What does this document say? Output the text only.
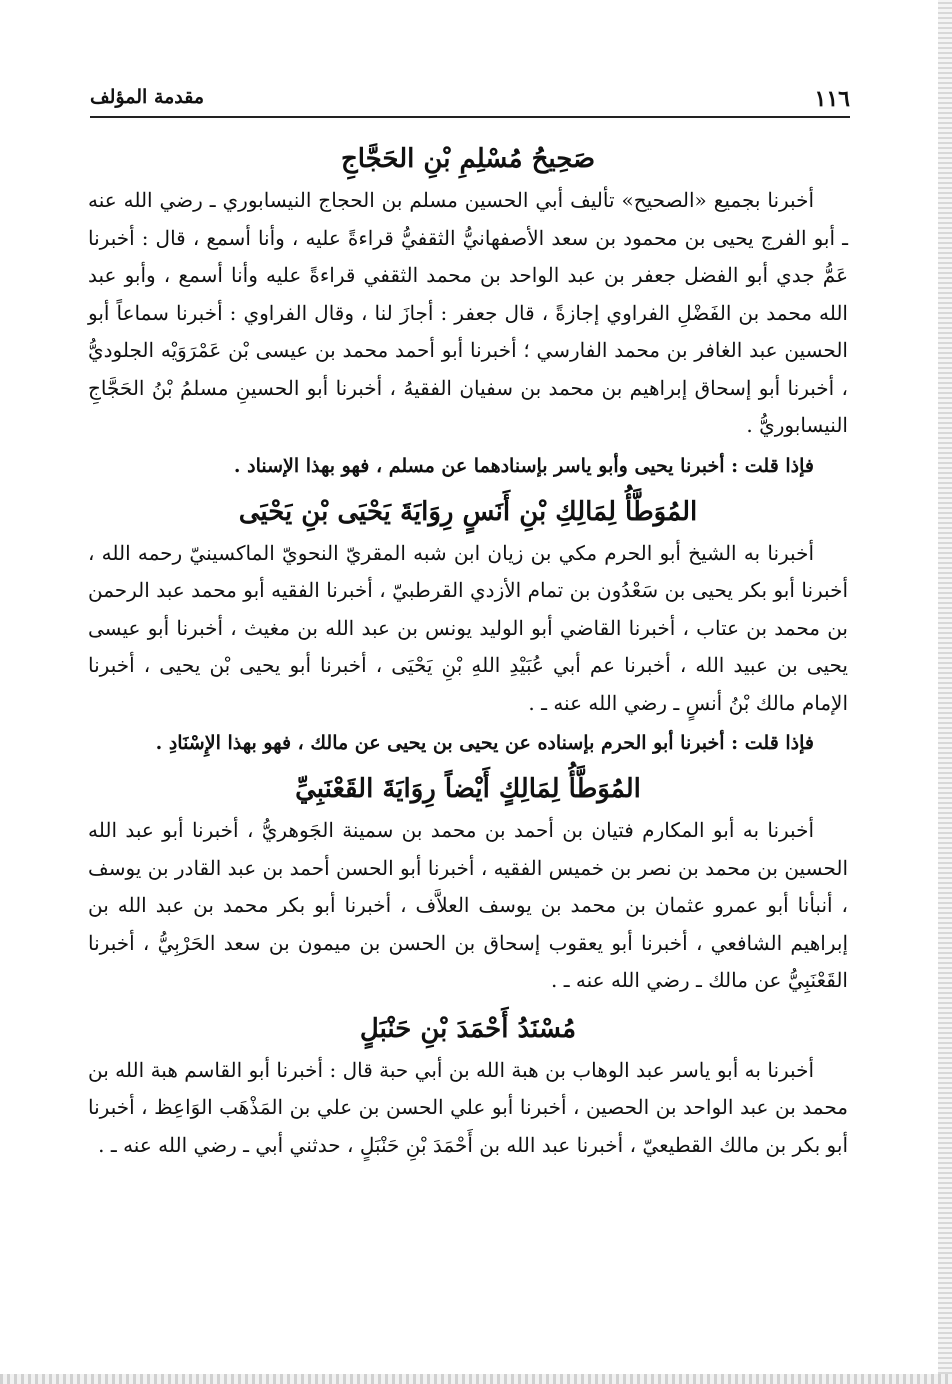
١١٦
مقدمة المؤلف
صَحِيحُ مُسْلِمِ بْنِ الحَجَّاجِ

أخبرنا بجميع «الصحيح» تأليف أبي الحسين مسلم بن الحجاج النيسابوري ـ رضي الله عنه ـ أبو الفرج يحيى بن محمود بن سعد الأصفهانيُّ الثقفيُّ قراءةً عليه ، وأنا أسمع ، قال : أخبرنا عَمُّ جدي أبو الفضل جعفر بن عبد الواحد بن محمد الثقفي قراءةً عليه وأنا أسمع ، وأبو عبد الله محمد بن الفَضْلِ الفراوي إجازةً ، قال جعفر : أجازَ لنا ، وقال الفراوي : أخبرنا سماعاً أبو الحسين عبد الغافر بن محمد الفارسي ؛ أخبرنا أبو أحمد محمد بن عيسى بْن عَمْرَوَيْه الجلوديُّ ، أخبرنا أبو إسحاق إبراهيم بن محمد بن سفيان الفقيهُ ، أخبرنا أبو الحسينِ مسلمُ بْنُ الحَجَّاجِ النيسابوريُّ .

فإذا قلت : أخبرنا يحيى وأبو ياسر بإسنادهما عن مسلم ، فهو بهذا الإسناد .

المُوَطَّأُ لِمَالِكِ بْنِ أَنَسٍ رِوَايَةَ يَحْيَى بْنِ يَحْيَى

أخبرنا به الشيخ أبو الحرم مكي بن زيان ابن شبه المقريّ النحويّ الماكسينيّ رحمه الله ، أخبرنا أبو بكر يحيى بن سَعْدُون بن تمام الأزدي القرطبيّ ، أخبرنا الفقيه أبو محمد عبد الرحمن بن محمد بن عتاب ، أخبرنا القاضي أبو الوليد يونس بن عبد الله بن مغيث ، أخبرنا أبو عيسى يحيى بن عبيد الله ، أخبرنا عم أبي عُبَيْدِ اللهِ بْنِ يَحْيَى ، أخبرنا أبو يحيى بْن يحيى ، أخبرنا الإمام مالك بْنُ أنسٍ ـ رضي الله عنه ـ .

فإذا قلت : أخبرنا أبو الحرم بإسناده عن يحيى بن يحيى عن مالك ، فهو بهذا الإِسْنَادِ .

المُوَطَّأُ لِمَالِكٍ أَيْضاً رِوَايَةَ القَعْنَبِيِّ

أخبرنا به أبو المكارم فتيان بن أحمد بن محمد بن سمينة الجَوهريُّ ، أخبرنا أبو عبد الله الحسين بن محمد بن نصر بن خميس الفقيه ، أخبرنا أبو الحسن أحمد بن عبد القادر بن يوسف ، أنبأنا أبو عمرو عثمان بن محمد بن يوسف العلاَّف ، أخبرنا أبو بكر محمد بن عبد الله بن إبراهيم الشافعي ، أخبرنا أبو يعقوب إسحاق بن الحسن بن ميمون بن سعد الحَرْبِيُّ ، أخبرنا القَعْنَبِيُّ عن مالك ـ رضي الله عنه ـ .

مُسْنَدُ أَحْمَدَ بْنِ حَنْبَلٍ

أخبرنا به أبو ياسر عبد الوهاب بن هبة الله بن أبي حبة قال : أخبرنا أبو القاسم هبة الله بن محمد بن عبد الواحد بن الحصين ، أخبرنا أبو علي الحسن بن علي بن المَذْهَب الوَاعِظ ، أخبرنا أبو بكر بن مالك القطيعيّ ، أخبرنا عبد الله بن أَحْمَدَ بْنِ حَنْبَلٍ ، حدثني أبي ـ رضي الله عنه ـ .
